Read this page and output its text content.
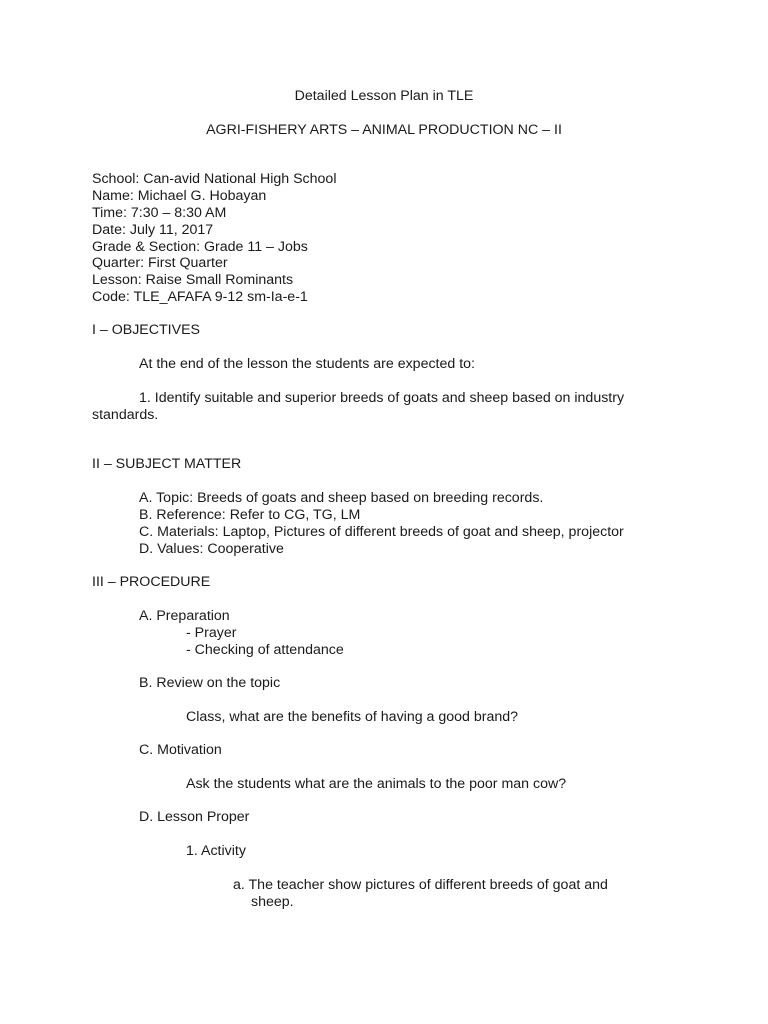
Detailed Lesson Plan in TLE
AGRI-FISHERY ARTS – ANIMAL PRODUCTION NC – II
School: Can-avid National High School
Name: Michael G. Hobayan
Time: 7:30 – 8:30 AM
Date: July 11, 2017
Grade & Section: Grade 11 – Jobs
Quarter: First Quarter
Lesson: Raise Small Rominants
Code: TLE_AFAFA 9-12 sm-Ia-e-1
I – OBJECTIVES
At the end of the lesson the students are expected to:
1. Identify suitable and superior breeds of goats and sheep based on industry
standards.
II – SUBJECT MATTER
A. Topic: Breeds of goats and sheep based on breeding records.
B. Reference: Refer to CG, TG, LM
C. Materials: Laptop, Pictures of different breeds of goat and sheep, projector
D. Values: Cooperative
III – PROCEDURE
A. Preparation
- Prayer
- Checking of attendance
B. Review on the topic
Class, what are the benefits of having a good brand?
C. Motivation
Ask the students what are the animals to the poor man cow?
D. Lesson Proper
1. Activity
a. The teacher show pictures of different breeds of goat and
sheep.
